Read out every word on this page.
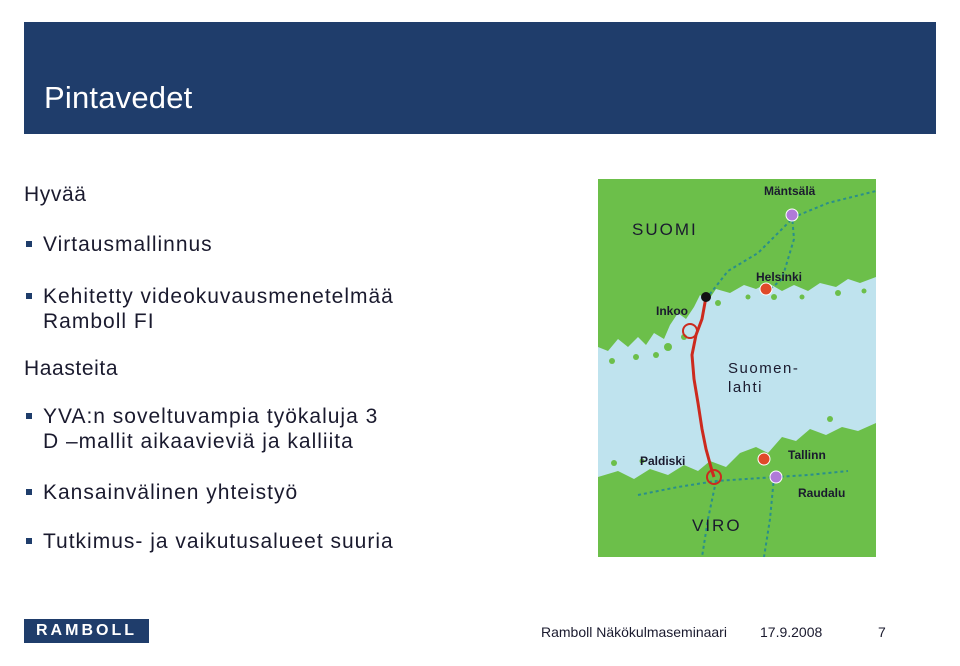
Pintavedet

Hyvää

Virtausmallinnus
Kehitetty videokuvausmenetelmää
Ramboll FI

Haasteita

YVA:n soveltuvampia työkaluja 3
D –mallit aikaavieviä ja kalliita
Kansainvälinen yhteistyö
Tutkimus- ja vaikutusalueet suuria
SUOMI
Mäntsälä
Helsinki
Inkoo
Suomen-
lahti
Paldiski	Tallinn
Raudalu
VIRO
RAMBOLL	Ramboll Näkökulmaseminaari 17.9.2008	7
